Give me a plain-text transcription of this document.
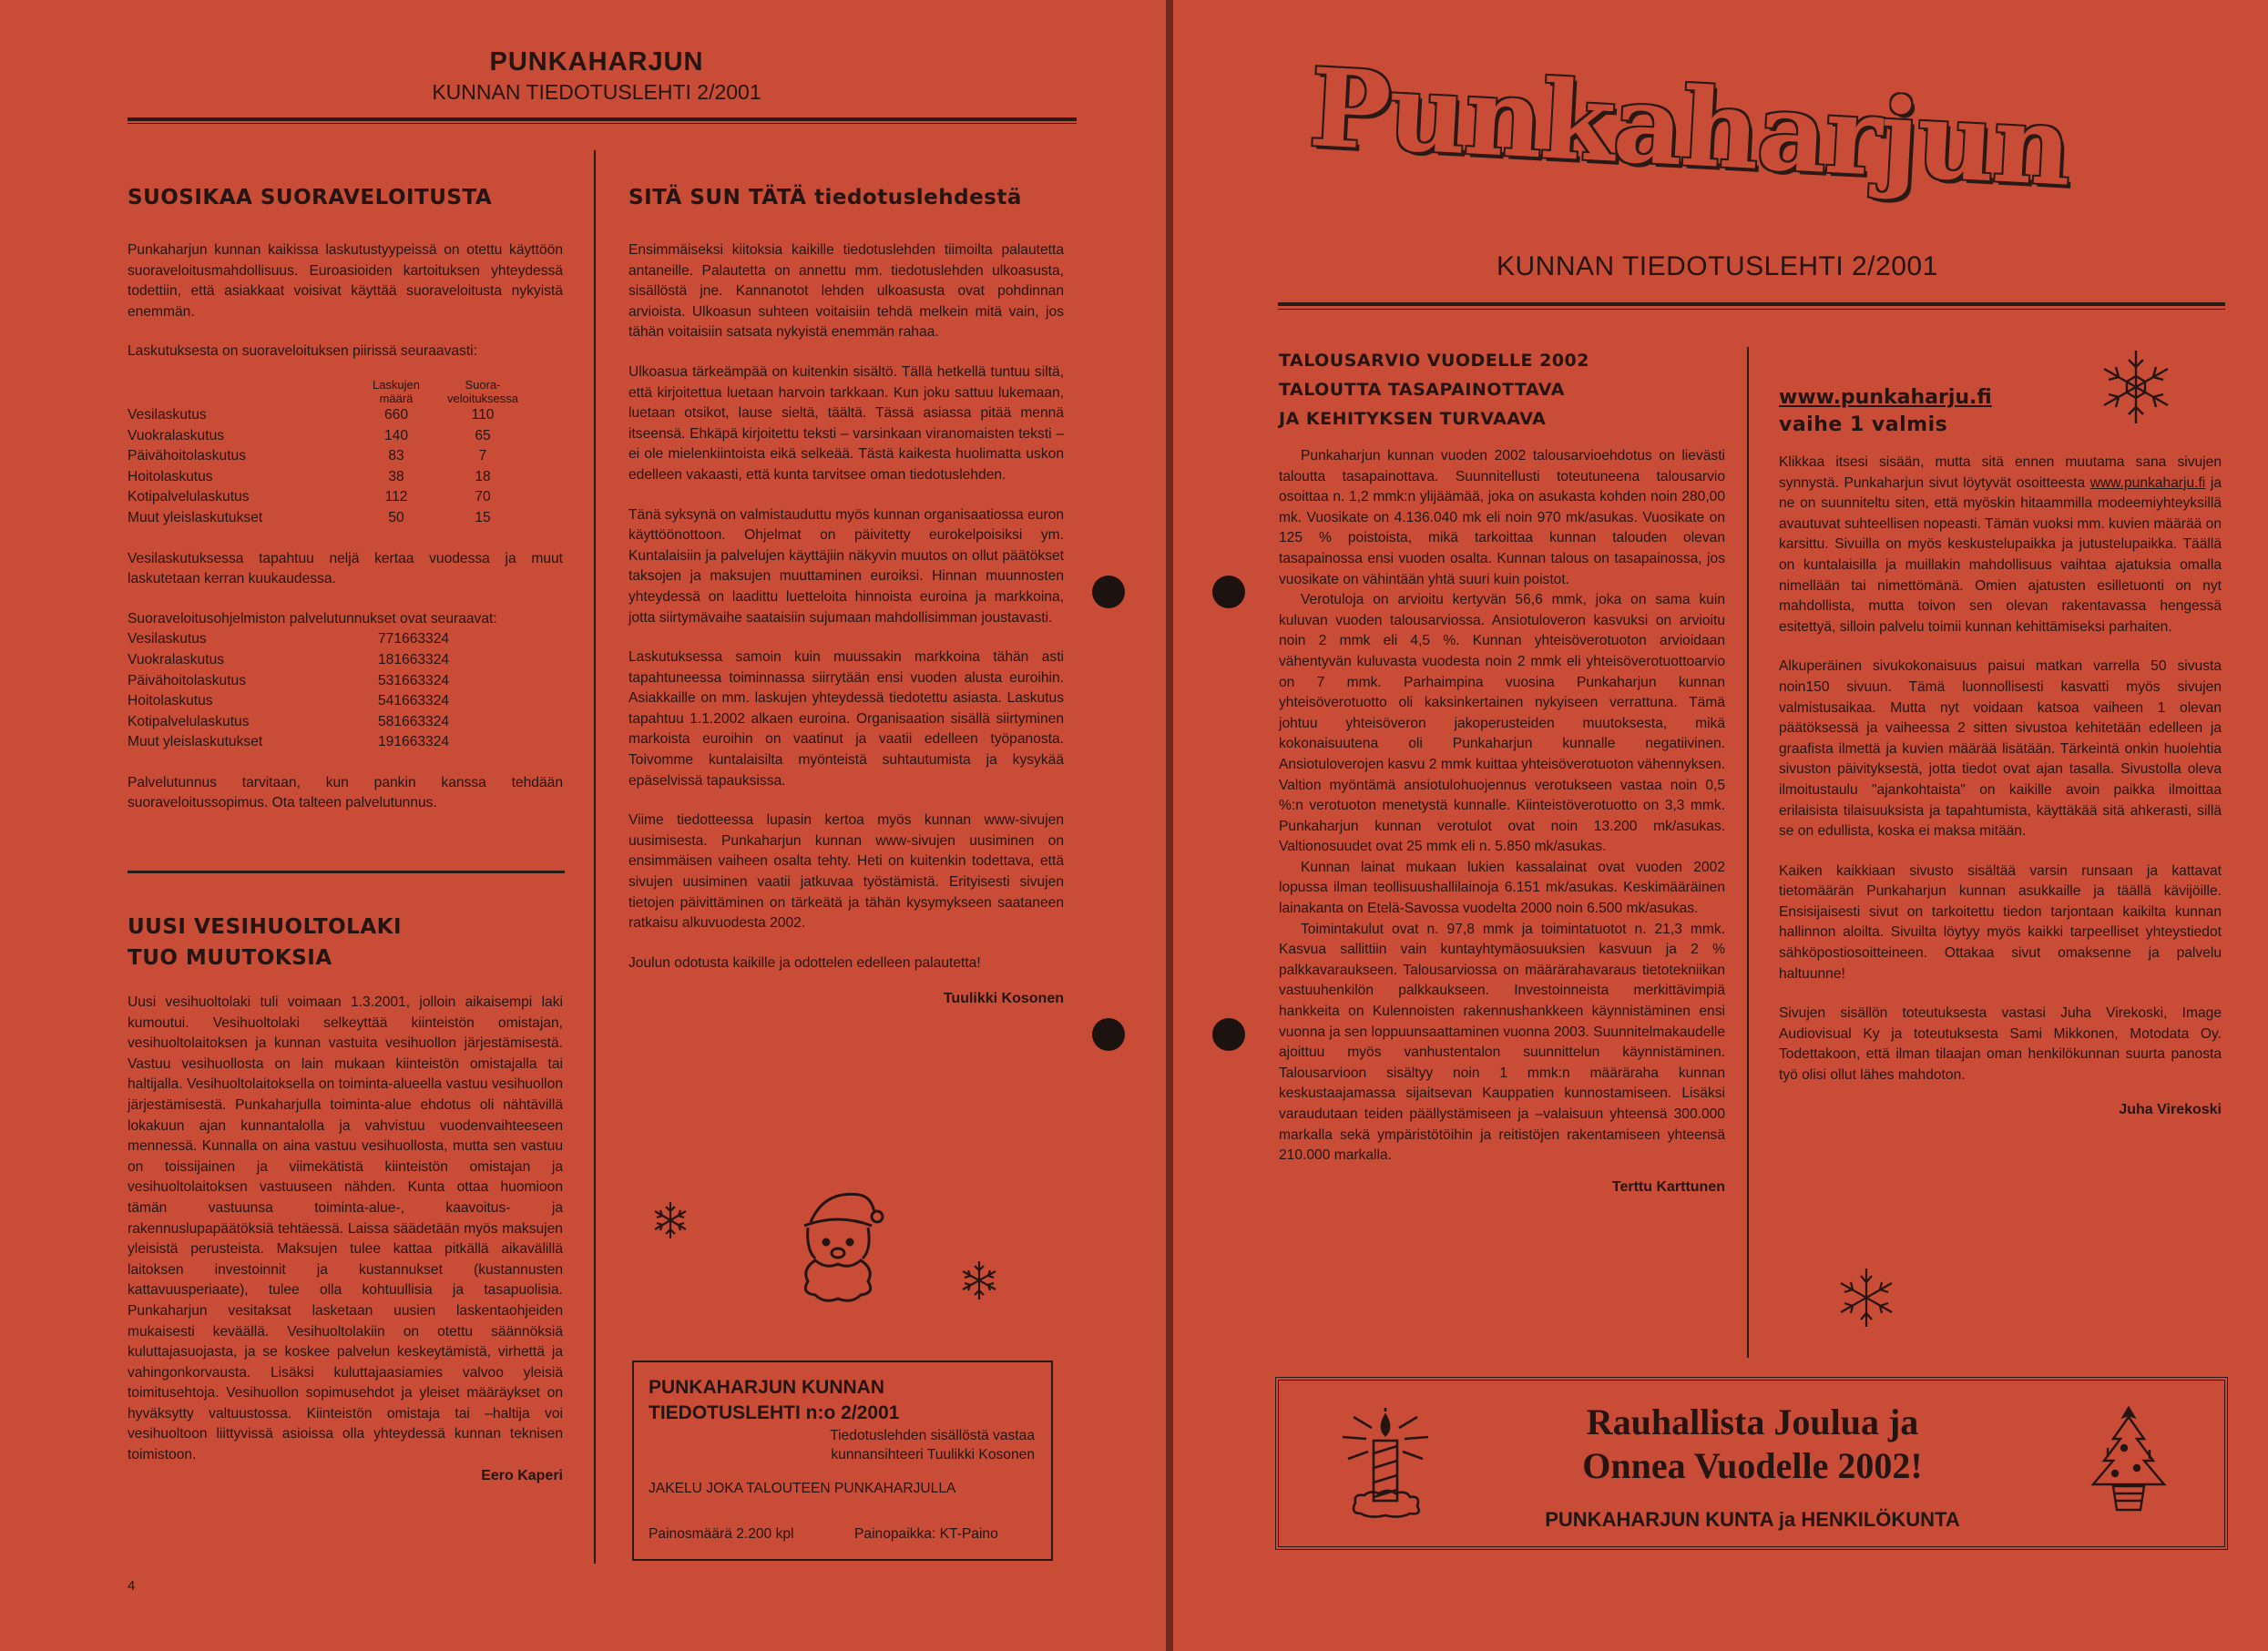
PUNKAHARJUN
KUNNAN TIEDOTUSLEHTI 2/2001
SUOSIKAA SUORAVELOITUSTA

Punkaharjun kunnan kaikissa laskutustyypeissä on otettu käyttöön suoraveloitusmahdollisuus. Euroasioiden kartoituksen yhteydessä todettiin, että asiakkaat voisivat käyttää suoraveloitusta nykyistä enemmän.

Laskutuksesta on suoraveloituksen piirissä seuraavasti:

	Laskujen määrä	Suora- veloituksessa
Vesilaskutus	660	110
Vuokralaskutus	140	65
Päivähoitolaskutus	83	7
Hoitolaskutus	38	18
Kotipalvelulaskutus	112	70
Muut yleislaskutukset	50	15

Vesilaskutuksessa tapahtuu neljä kertaa vuodessa ja muut laskutetaan kerran kuukaudessa.

Suoraveloitusohjelmiston palvelutunnukset ovat seuraavat:

Vesilaskutus	771663324
Vuokralaskutus	181663324
Päivähoitolaskutus	531663324
Hoitolaskutus	541663324
Kotipalvelulaskutus	581663324
Muut yleislaskutukset	191663324

Palvelutunnus tarvitaan, kun pankin kanssa tehdään suoraveloitussopimus. Ota talteen palvelutunnus.

UUSI VESIHUOLTOLAKI
TUO MUUTOKSIA

Uusi vesihuoltolaki tuli voimaan 1.3.2001, jolloin aikaisempi laki kumoutui. Vesihuoltolaki selkeyttää kiinteistön omistajan, vesihuoltolaitoksen ja kunnan vastuita vesihuollon järjestämisestä. Vastuu vesihuollosta on lain mukaan kiinteistön omistajalla tai haltijalla. Vesihuoltolaitoksella on toiminta-alueella vastuu vesihuollon järjestämisestä. Punkaharjulla toiminta-alue ehdotus oli nähtävillä lokakuun ajan kunnantalolla ja vahvistuu vuodenvaihteeseen mennessä. Kunnalla on aina vastuu vesihuollosta, mutta sen vastuu on toissijainen ja viimekätistä kiinteistön omistajan ja vesihuoltolaitoksen vastuuseen nähden. Kunta ottaa huomioon tämän vastuunsa toiminta-alue-, kaavoitus- ja rakennuslupapäätöksiä tehtäessä. Laissa säädetään myös maksujen yleisistä perusteista. Maksujen tulee kattaa pitkällä aikavälillä laitoksen investoinnit ja kustannukset (kustannusten kattavuusperiaate), tulee olla kohtuullisia ja tasapuolisia. Punkaharjun vesitaksat lasketaan uusien laskentaohjeiden mukaisesti keväällä. Vesihuoltolakiin on otettu säännöksiä kuluttajasuojasta, ja se koskee palvelun keskeytämistä, virhettä ja vahingonkorvausta. Lisäksi kuluttajaasiamies valvoo yleisiä toimitusehtoja. Vesihuollon sopimusehdot ja yleiset määräykset on hyväksytty valtuustossa. Kiinteistön omistaja tai –haltija voi vesihuoltoon liittyvissä asioissa olla yhteydessä kunnan teknisen toimistoon.

Eero Kaperi
SITÄ SUN TÄTÄ tiedotuslehdestä

Ensimmäiseksi kiitoksia kaikille tiedotuslehden tiimoilta palautetta antaneille. Palautetta on annettu mm. tiedotuslehden ulkoasusta, sisällöstä jne. Kannanotot lehden ulkoasusta ovat pohdinnan arvioista. Ulkoasun suhteen voitaisiin tehdä melkein mitä vain, jos tähän voitaisiin satsata nykyistä enemmän rahaa.

Ulkoasua tärkeämpää on kuitenkin sisältö. Tällä hetkellä tuntuu siltä, että kirjoitettua luetaan harvoin tarkkaan. Kun joku sattuu lukemaan, luetaan otsikot, lause sieltä, täältä. Tässä asiassa pitää mennä itseensä. Ehkäpä kirjoitettu teksti – varsinkaan viranomaisten teksti – ei ole mielenkiintoista eikä selkeää. Tästä kaikesta huolimatta uskon edelleen vakaasti, että kunta tarvitsee oman tiedotuslehden.

Tänä syksynä on valmistauduttu myös kunnan organisaatiossa euron käyttöönottoon. Ohjelmat on päivitetty eurokelpoisiksi ym. Kuntalaisiin ja palvelujen käyttäjiin näkyvin muutos on ollut päätökset taksojen ja maksujen muuttaminen euroiksi. Hinnan muunnosten yhteydessä on laadittu luetteloita hinnoista euroina ja markkoina, jotta siirtymävaihe saataisiin sujumaan mahdollisimman joustavasti.

Laskutuksessa samoin kuin muussakin markkoina tähän asti tapahtuneessa toiminnassa siirrytään ensi vuoden alusta euroihin. Asiakkaille on mm. laskujen yhteydessä tiedotettu asiasta. Laskutus tapahtuu 1.1.2002 alkaen euroina. Organisaation sisällä siirtyminen markoista euroihin on vaatinut ja vaatii edelleen työpanosta. Toivomme kuntalaisilta myönteistä suhtautumista ja kysykää epäselvissä tapauksissa.

Viime tiedotteessa lupasin kertoa myös kunnan www-sivujen uusimisesta. Punkaharjun kunnan www-sivujen uusiminen on ensimmäisen vaiheen osalta tehty. Heti on kuitenkin todettava, että sivujen uusiminen vaatii jatkuvaa työstämistä. Erityisesti sivujen tietojen päivittäminen on tärkeätä ja tähän kysymykseen saataneen ratkaisu alkuvuodesta 2002.

Joulun odotusta kaikille ja odottelen edelleen palautetta!

Tuulikki Kosonen
PUNKAHARJUN KUNNAN
TIEDOTUSLEHTI n:o 2/2001
Tiedotuslehden sisällöstä vastaa
kunnansihteeri Tuulikki Kosonen
JAKELU JOKA TALOUTEEN PUNKAHARJULLA
Painosmäärä 2.200 kpl	Painopaikka: KT-Paino
4
Punkaharjun
KUNNAN TIEDOTUSLEHTI 2/2001
TALOUSARVIO VUODELLE 2002
TALOUTTA TASAPAINOTTAVA
JA KEHITYKSEN TURVAAVA

Punkaharjun kunnan vuoden 2002 talousarvioehdotus on lievästi taloutta tasapainottava. Suunnitellusti toteutuneena talousarvio osoittaa n. 1,2 mmk:n ylijäämää, joka on asukasta kohden noin 280,00 mk. Vuosikate on 4.136.040 mk eli noin 970 mk/asukas. Vuosikate on 125 % poistoista, mikä tarkoittaa kunnan talouden olevan tasapainossa ensi vuoden osalta. Kunnan talous on tasapainossa, jos vuosikate on vähintään yhtä suuri kuin poistot.

Verotuloja on arvioitu kertyvän 56,6 mmk, joka on sama kuin kuluvan vuoden talousarviossa. Ansiotuloveron kasvuksi on arvioitu noin 2 mmk eli 4,5 %. Kunnan yhteisöverotuoton arvioidaan vähentyvän kuluvasta vuodesta noin 2 mmk eli yhteisöverotuottoarvio on 7 mmk. Parhaimpina vuosina Punkaharjun kunnan yhteisöverotuotto oli kaksinkertainen nykyiseen verrattuna. Tämä johtuu yhteisöveron jakoperusteiden muutoksesta, mikä kokonaisuutena oli Punkaharjun kunnalle negatiivinen. Ansiotuloverojen kasvu 2 mmk kuittaa yhteisöverotuoton vähennyksen. Valtion myöntämä ansiotulohuojennus verotukseen vastaa noin 0,5 %:n verotuoton menetystä kunnalle. Kiinteistöverotuotto on 3,3 mmk. Punkaharjun kunnan verotulot ovat noin 13.200 mk/asukas. Valtionosuudet ovat 25 mmk eli n. 5.850 mk/asukas.

Kunnan lainat mukaan lukien kassalainat ovat vuoden 2002 lopussa ilman teollisuushallilainoja 6.151 mk/asukas. Keskimääräinen lainakanta on Etelä-Savossa vuodelta 2000 noin 6.500 mk/asukas.

Toimintakulut ovat n. 97,8 mmk ja toimintatuotot n. 21,3 mmk. Kasvua sallittiin vain kuntayhtymäosuuksien kasvuun ja 2 % palkkavaraukseen. Talousarviossa on määrärahavaraus tietotekniikan vastuuhenkilön palkkaukseen. Investoinneista merkittävimpiä hankkeita on Kulennoisten rakennushankkeen käynnistäminen ensi vuonna ja sen loppuunsaattaminen vuonna 2003. Suunnitelmakaudelle ajoittuu myös vanhustentalon suunnittelun käynnistäminen. Talousarvioon sisältyy noin 1 mmk:n määräraha kunnan keskustaajamassa sijaitsevan Kauppatien kunnostamiseen. Lisäksi varaudutaan teiden päällystämiseen ja –valaisuun yhteensä 300.000 markalla sekä ympäristötöihin ja reitistöjen rakentamiseen yhteensä 210.000 markalla.

Terttu Karttunen
www.punkaharju.fi
vaihe 1 valmis

Klikkaa itsesi sisään, mutta sitä ennen muutama sana sivujen synnystä. Punkaharjun sivut löytyvät osoitteesta www.punkaharju.fi ja ne on suunniteltu siten, että myöskin hitaammilla modeemiyhteyksillä avautuvat suhteellisen nopeasti. Tämän vuoksi mm. kuvien määrää on karsittu. Sivuilla on myös keskustelupaikka ja jutustelupaikka. Täällä on kuntalaisilla ja muillakin mahdollisuus vaihtaa ajatuksia omalla nimellään tai nimettömänä. Omien ajatusten esilletuonti on nyt mahdollista, mutta toivon sen olevan rakentavassa hengessä esitettyä, silloin palvelu toimii kunnan kehittämiseksi parhaiten.

Alkuperäinen sivukokonaisuus paisui matkan varrella 50 sivusta noin150 sivuun. Tämä luonnollisesti kasvatti myös sivujen valmistusaikaa. Mutta nyt voidaan katsoa vaiheen 1 olevan päätöksessä ja vaiheessa 2 sitten sivustoa kehitetään edelleen ja graafista ilmettä ja kuvien määrää lisätään. Tärkeintä onkin huolehtia sivuston päivityksestä, jotta tiedot ovat ajan tasalla. Sivustolla oleva ilmoitustaulu "ajankohtaista" on kaikille avoin paikka ilmoittaa erilaisista tilaisuuksista ja tapahtumista, käyttäkää sitä ahkerasti, sillä se on edullista, koska ei maksa mitään.

Kaiken kaikkiaan sivusto sisältää varsin runsaan ja kattavat tietomäärän Punkaharjun kunnan asukkaille ja täällä kävijöille. Ensisijaisesti sivut on tarkoitettu tiedon tarjontaan kaikilta kunnan hallinnon aloilta. Sivuilta löytyy myös kaikki tarpeelliset yhteystiedot sähköpostiosoitteineen. Ottakaa sivut omaksenne ja palvelu haltuunne!

Sivujen sisällön toteutuksesta vastasi Juha Virekoski, Image Audiovisual Ky ja toteutuksesta Sami Mikkonen, Motodata Oy. Todettakoon, että ilman tilaajan oman henkilökunnan suurta panosta työ olisi ollut lähes mahdoton.

Juha Virekoski
Rauhallista Joulua ja
Onnea Vuodelle 2002!
PUNKAHARJUN KUNTA ja HENKILÖKUNTA
